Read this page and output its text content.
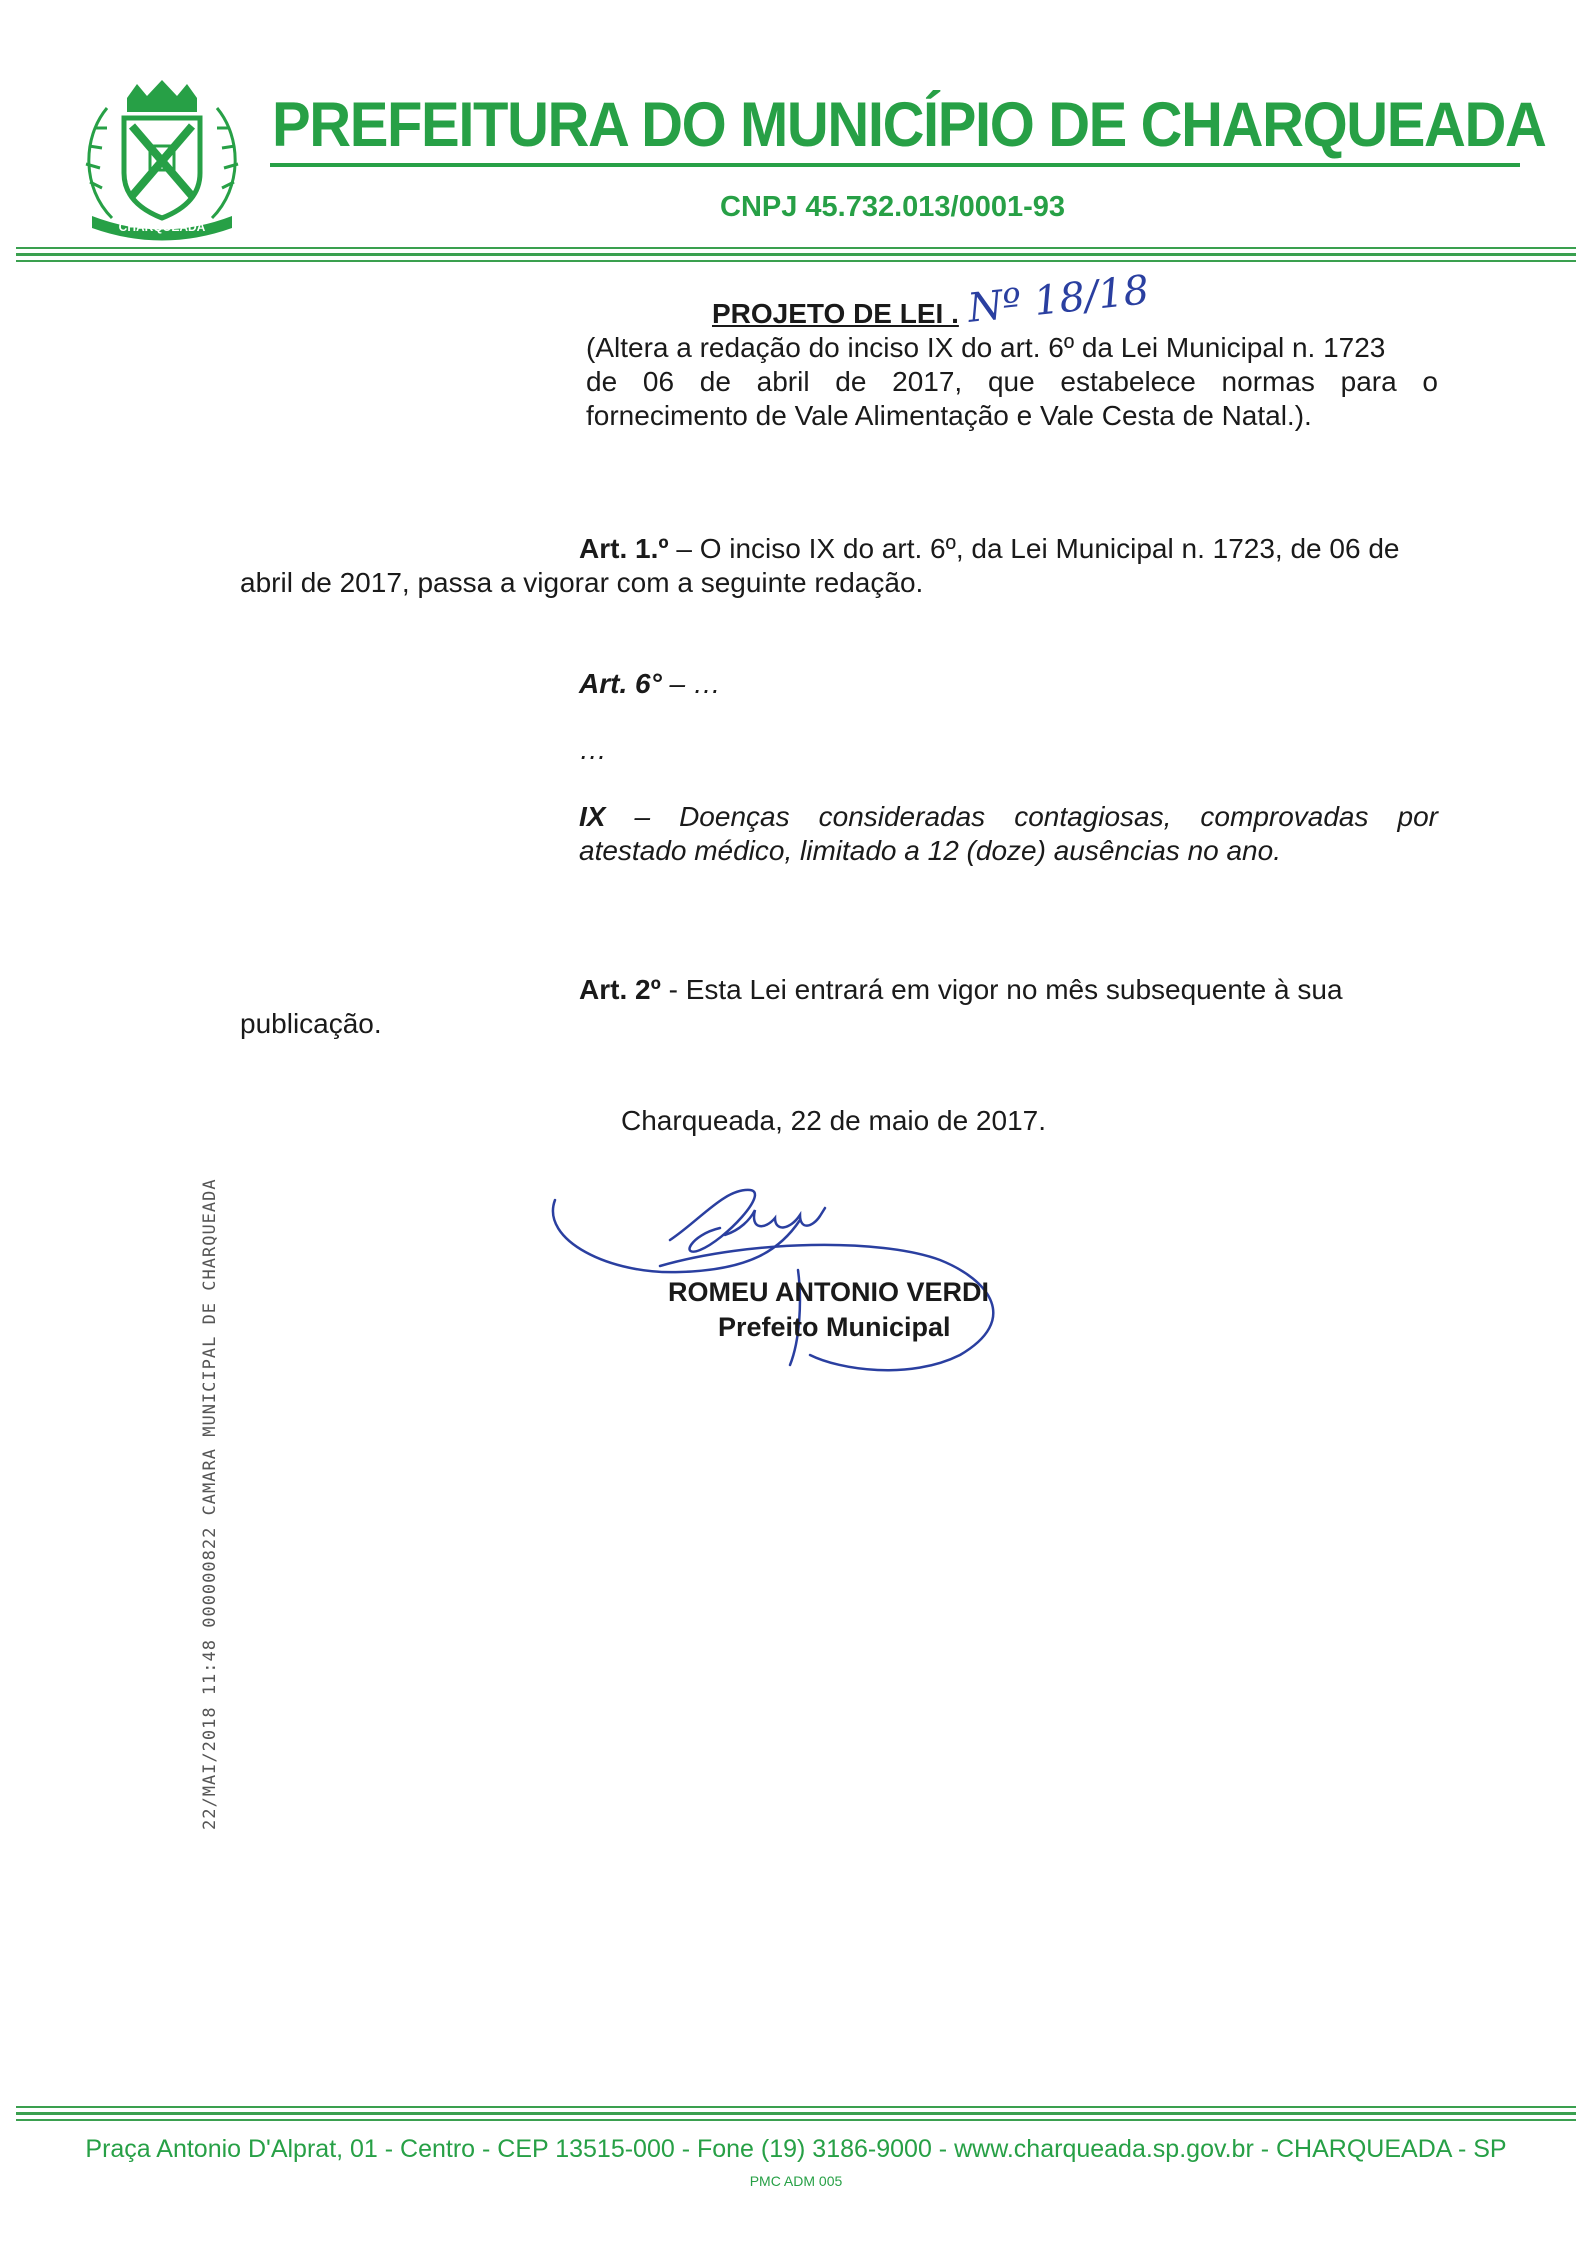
CHARQUEADA
PREFEITURA DO MUNICÍPIO DE CHARQUEADA
CNPJ 45.732.013/0001-93
PROJETO DE LEI . Nº 18/18
(Altera a redação do inciso IX do art. 6º da Lei Municipal n. 1723
de 06 de abril de 2017, que estabelece normas para o
fornecimento de Vale Alimentação e Vale Cesta de Natal.).
Art. 1.º – O inciso IX do art. 6º, da Lei Municipal n. 1723, de 06 de
abril de 2017, passa a vigorar com a seguinte redação.
Art. 6° – …
…
IX – Doenças consideradas contagiosas, comprovadas por
atestado médico, limitado a 12 (doze) ausências no ano.
Art. 2º - Esta Lei entrará em vigor no mês subsequente à sua
publicação.
Charqueada, 22 de maio de 2017.
ROMEU ANTONIO VERDI
Prefeito Municipal
22/MAI/2018 11:48 000000822 CAMARA MUNICIPAL DE CHARQUEADA
Praça Antonio D'Alprat, 01 - Centro - CEP 13515-000 - Fone (19) 3186-9000 - www.charqueada.sp.gov.br - CHARQUEADA - SP
PMC ADM 005
